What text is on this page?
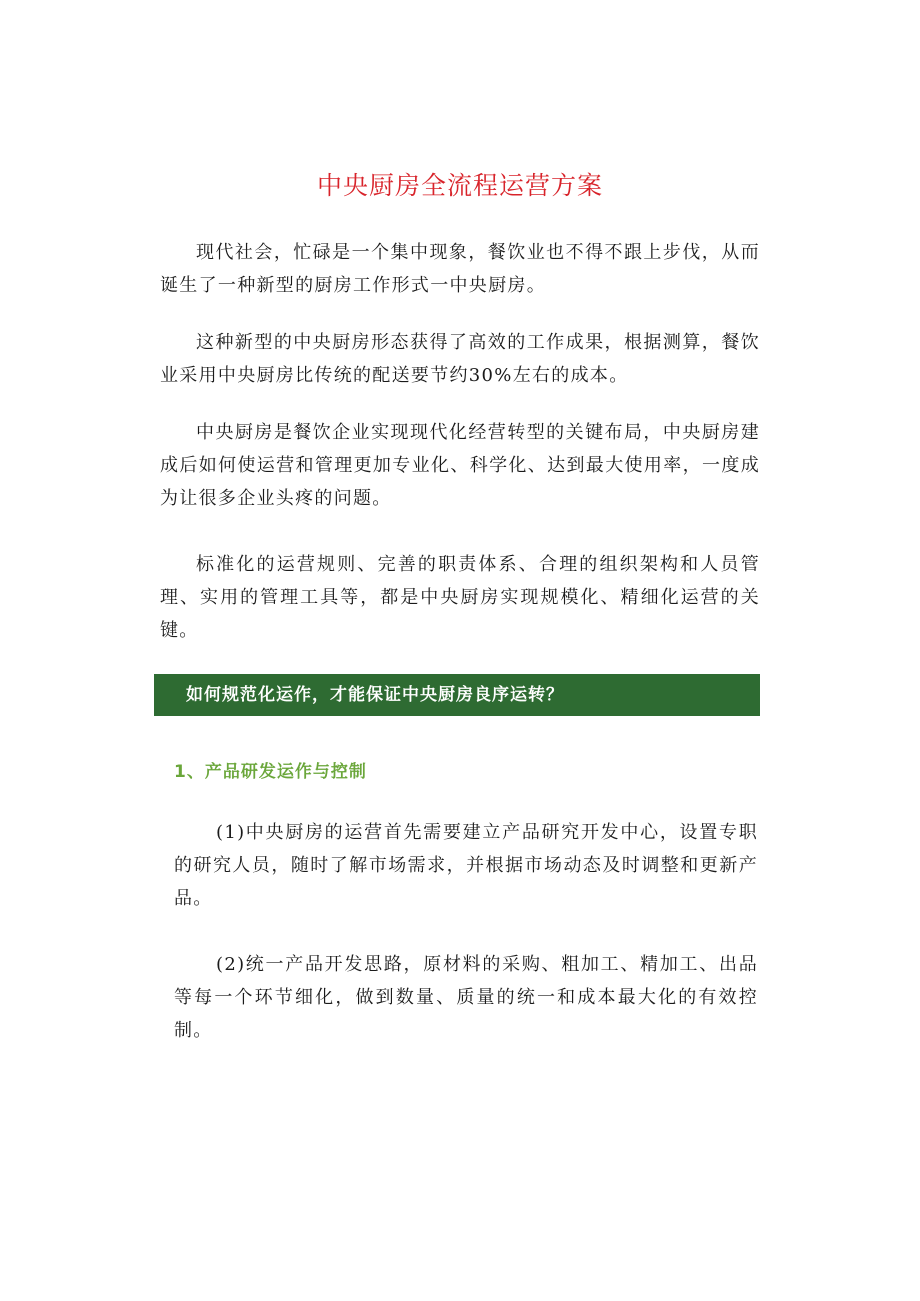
中央厨房全流程运营方案

现代社会，忙碌是一个集中现象，餐饮业也不得不跟上步伐，从而诞生了一种新型的厨房工作形式一中央厨房。

这种新型的中央厨房形态获得了高效的工作成果，根据测算，餐饮业采用中央厨房比传统的配送要节约30%左右的成本。

中央厨房是餐饮企业实现现代化经营转型的关键布局，中央厨房建成后如何使运营和管理更加专业化、科学化、达到最大使用率，一度成为让很多企业头疼的问题。

标准化的运营规则、完善的职责体系、合理的组织架构和人员管理、实用的管理工具等，都是中央厨房实现规模化、精细化运营的关键。

如何规范化运作，才能保证中央厨房良序运转？
1、产品研发运作与控制

(1)中央厨房的运营首先需要建立产品研究开发中心，设置专职的研究人员，随时了解市场需求，并根据市场动态及时调整和更新产品。

(2)统一产品开发思路，原材料的采购、粗加工、精加工、出品等每一个环节细化，做到数量、质量的统一和成本最大化的有效控制。
